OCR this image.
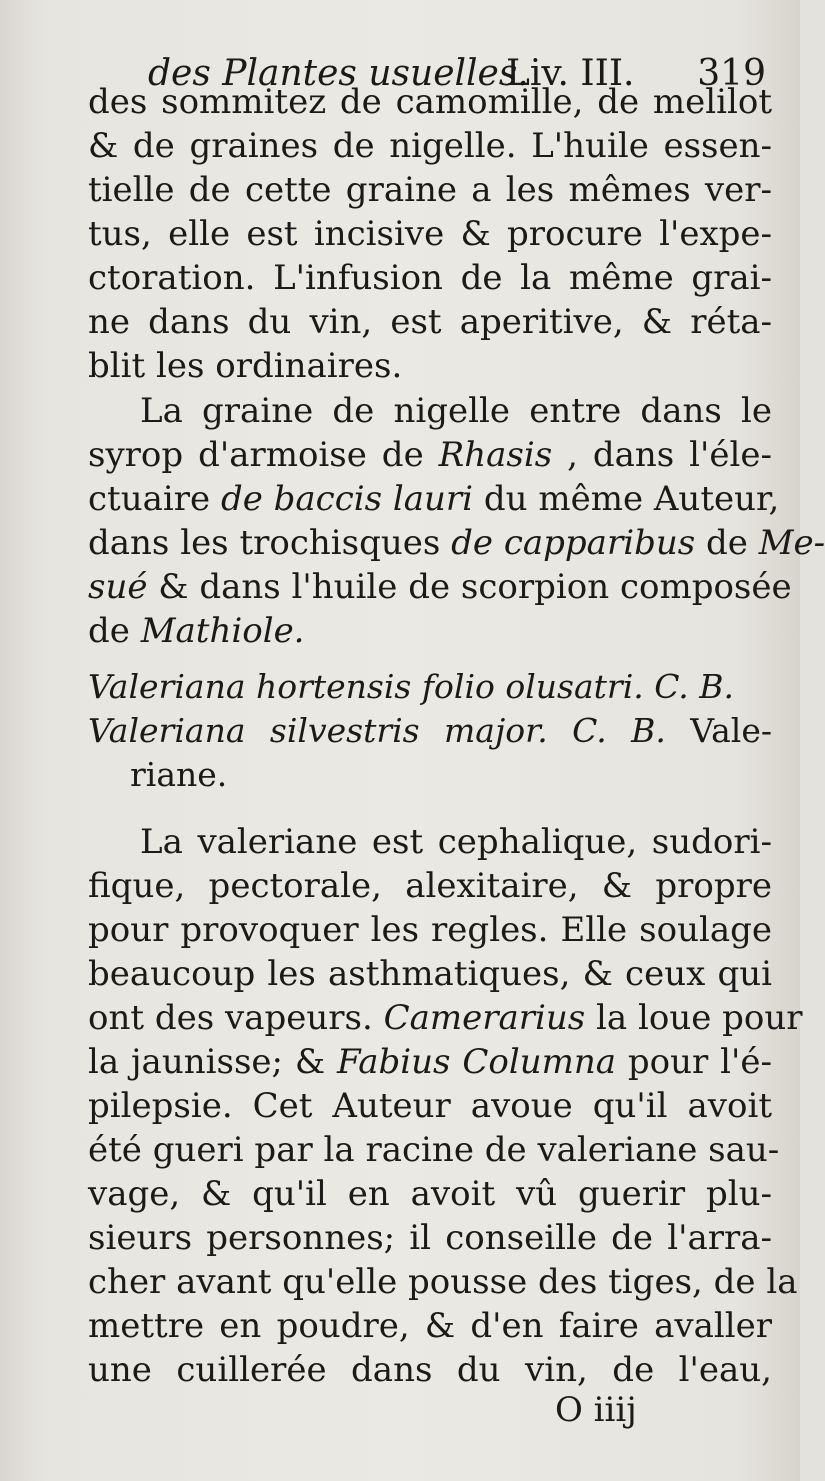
des Plantes usuelles.
Liv. III. 319
des sommitez de camomille, de melilot
& de graines de nigelle. L'huile essen-
tielle de cette graine a les mêmes ver-
tus, elle est incisive & procure l'expe-
ctoration. L'infusion de la même grai-
ne dans du vin, est aperitive, & réta-
blit les ordinaires.
La graine de nigelle entre dans le
syrop d'armoise de Rhasis , dans l'éle-
ctuaire de baccis lauri du même Auteur,
dans les trochisques de capparibus de Me-
sué & dans l'huile de scorpion composée
de Mathiole.
Valeriana hortensis folio olusatri. C. B.
Valeriana silvestris major. C. B. Vale-
riane.
La valeriane est cephalique, sudori-
fique, pectorale, alexitaire, & propre
pour provoquer les regles. Elle soulage
beaucoup les asthmatiques, & ceux qui
ont des vapeurs. Camerarius la loue pour
la jaunisse; & Fabius Columna pour l'é-
pilepsie. Cet Auteur avoue qu'il avoit
été gueri par la racine de valeriane sau-
vage, & qu'il en avoit vû guerir plu-
sieurs personnes; il conseille de l'arra-
cher avant qu'elle pousse des tiges, de la
mettre en poudre, & d'en faire avaller
une cuillerée dans du vin, de l'eau,
O iiij
